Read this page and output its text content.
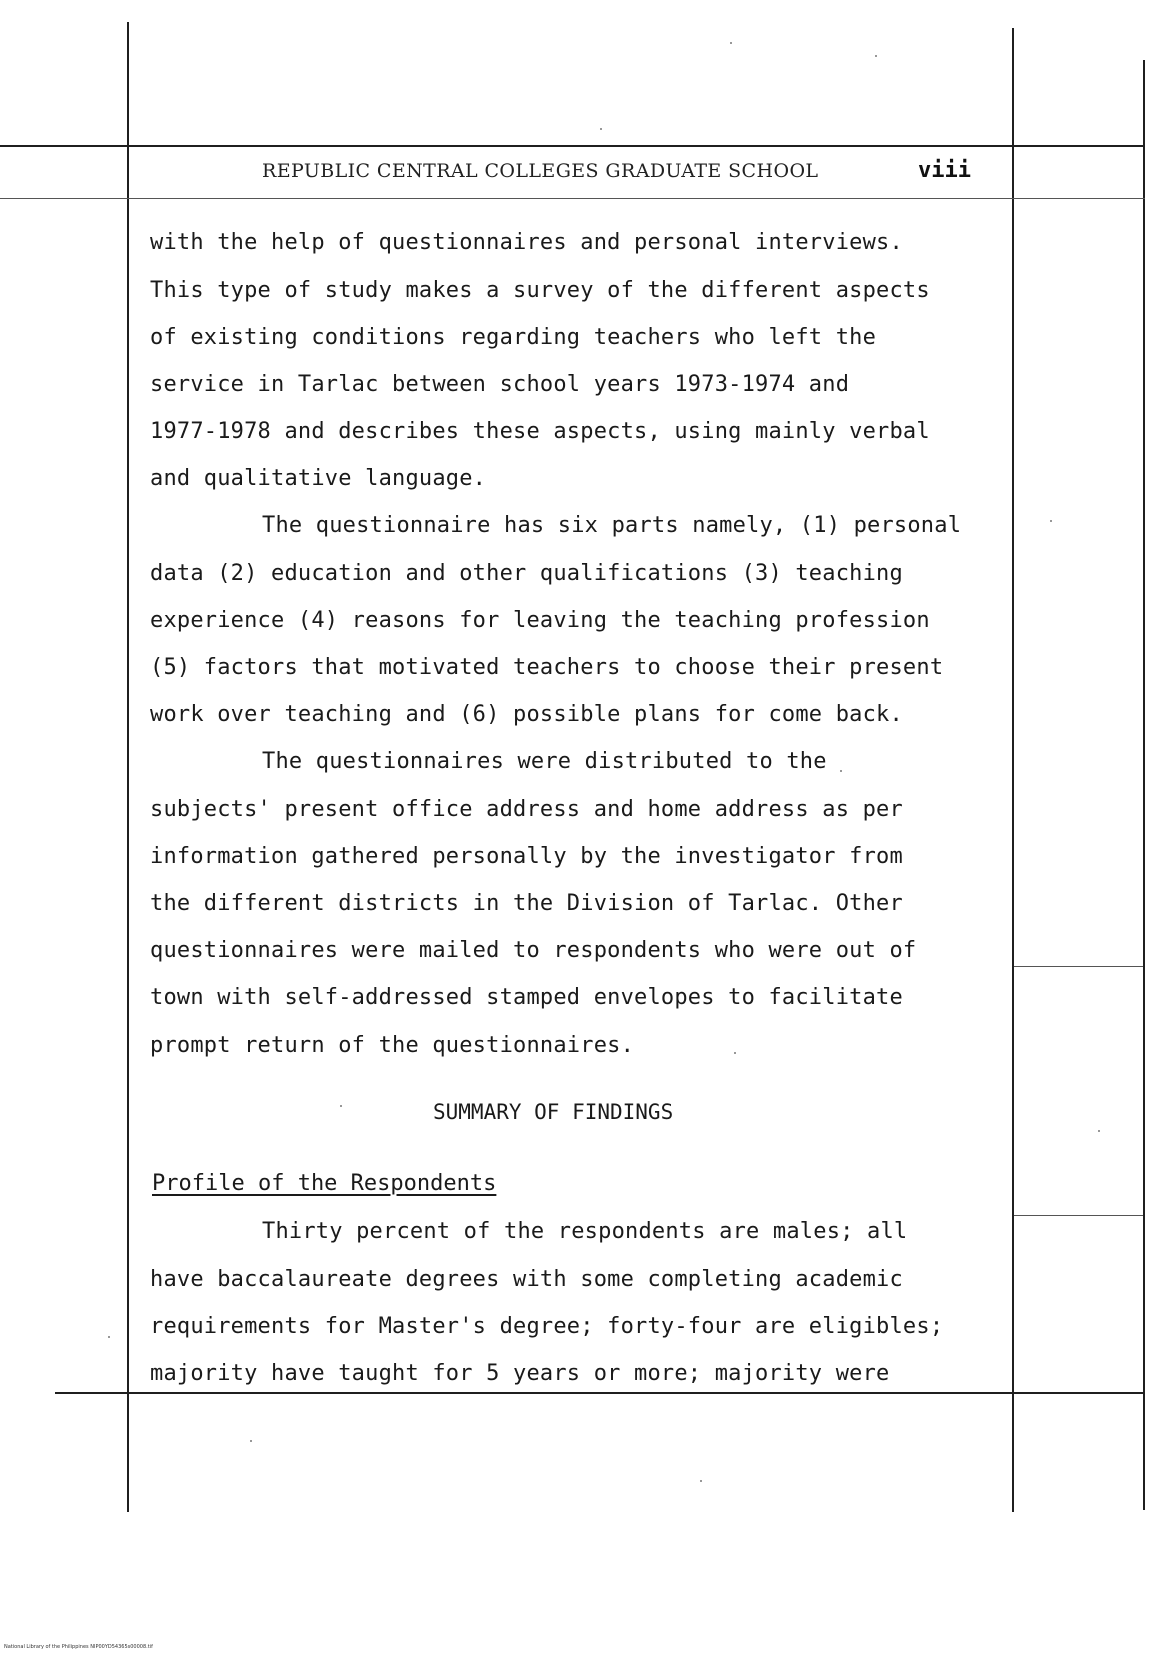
REPUBLIC CENTRAL COLLEGES GRADUATE SCHOOL	viii
with the help of questionnaires and personal interviews.
This type of study makes a survey of the different aspects
of existing conditions regarding teachers who left the
service in Tarlac between school years 1973-1974 and
1977-1978 and describes these aspects, using mainly verbal
and qualitative language.
The questionnaire has six parts namely, (1) personal
data (2) education and other qualifications (3) teaching
experience (4) reasons for leaving the teaching profession
(5) factors that motivated teachers to choose their present
work over teaching and (6) possible plans for come back.
The questionnaires were distributed to the
subjects' present office address and home address as per
information gathered personally by the investigator from
the different districts in the Division of Tarlac. Other
questionnaires were mailed to respondents who were out of
town with self-addressed stamped envelopes to facilitate
prompt return of the questionnaires.
SUMMARY OF FINDINGS
Profile of the Respondents
Thirty percent of the respondents are males; all
have baccalaureate degrees with some completing academic
requirements for Master's degree; forty-four are eligibles;
majority have taught for 5 years or more; majority were
National Library of the Philippines NIP00YD54365s00008.tif
